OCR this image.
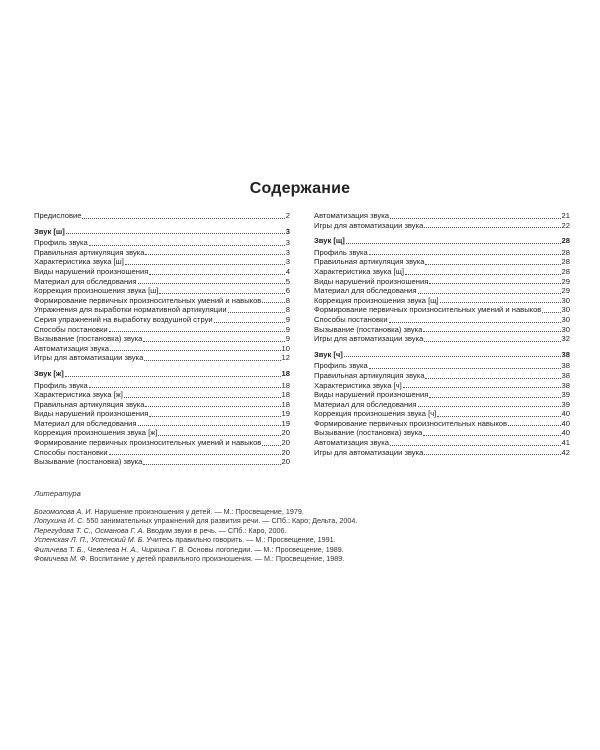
Содержание
Предисловие	2
Звук [ш]	3
Профиль звука	3
Правильная артикуляция звука	3
Характеристика звука [ш]	3
Виды нарушений произношения	4
Материал для обследования	5
Коррекция произношения звука [ш]	6
Формирование первичных произносительных умений и навыков	8
Упражнения для выработки нормативной артикуляции	8
Серия упражнений на выработку воздушной струи	9
Способы постановки	9
Вызывание (постановка) звука	9
Автоматизация звука	10
Игры для автоматизации звука	12
Звук [ж]	18
Профиль звука	18
Характеристика звука [ж]	18
Правильная артикуляция звука	18
Виды нарушений произношения	19
Материал для обследования	19
Коррекция произношения звука [ж]	20
Формирование первичных произносительных умений и навыков	20
Способы постановки	20
Вызывание (постановка) звука	20
Автоматизация звука	21
Игры для автоматизации звука	22
Звук [щ]	28
Профиль звука	28
Правильная артикуляция звука	28
Характеристика звука [щ]	28
Виды нарушений произношения	29
Материал для обследования	29
Коррекция произношения звука [щ]	30
Формирование первичных произносительных умений и навыков	30
Способы постановки	30
Вызывание (постановка) звука	30
Игры для автоматизации звука	32
Звук [ч]	38
Профиль звука	38
Правильная артикуляция звука	38
Характеристика звука [ч]	38
Виды нарушений произношения	39
Материал для обследования	39
Коррекция произношения звука [ч]	40
Формирование первичных произносительных навыков	40
Вызывание (постановка) звука	40
Автоматизация звука	41
Игры для автоматизации звука	42
Литература
Богомолова А. И. Нарушение произношения у детей. — М.: Просвещение, 1979.
Лопухина И. С. 550 занимательных упражнений для развития речи. — СПб.: Каро; Дельта, 2004.
Перегудова Т. С., Османова Г. А. Вводим звуки в речь. — СПб.: Каро, 2006.
Успенская Л. П., Успенский М. Б. Учитесь правильно говорить. — М.: Просвещение, 1991.
Филичева Т. Б., Чевелева Н. А., Чиркина Г. В. Основы логопедии. — М.: Просвещение, 1989.
Фомичева М. Ф. Воспитание у детей правильного произношения. — М.: Просвещение, 1989.
